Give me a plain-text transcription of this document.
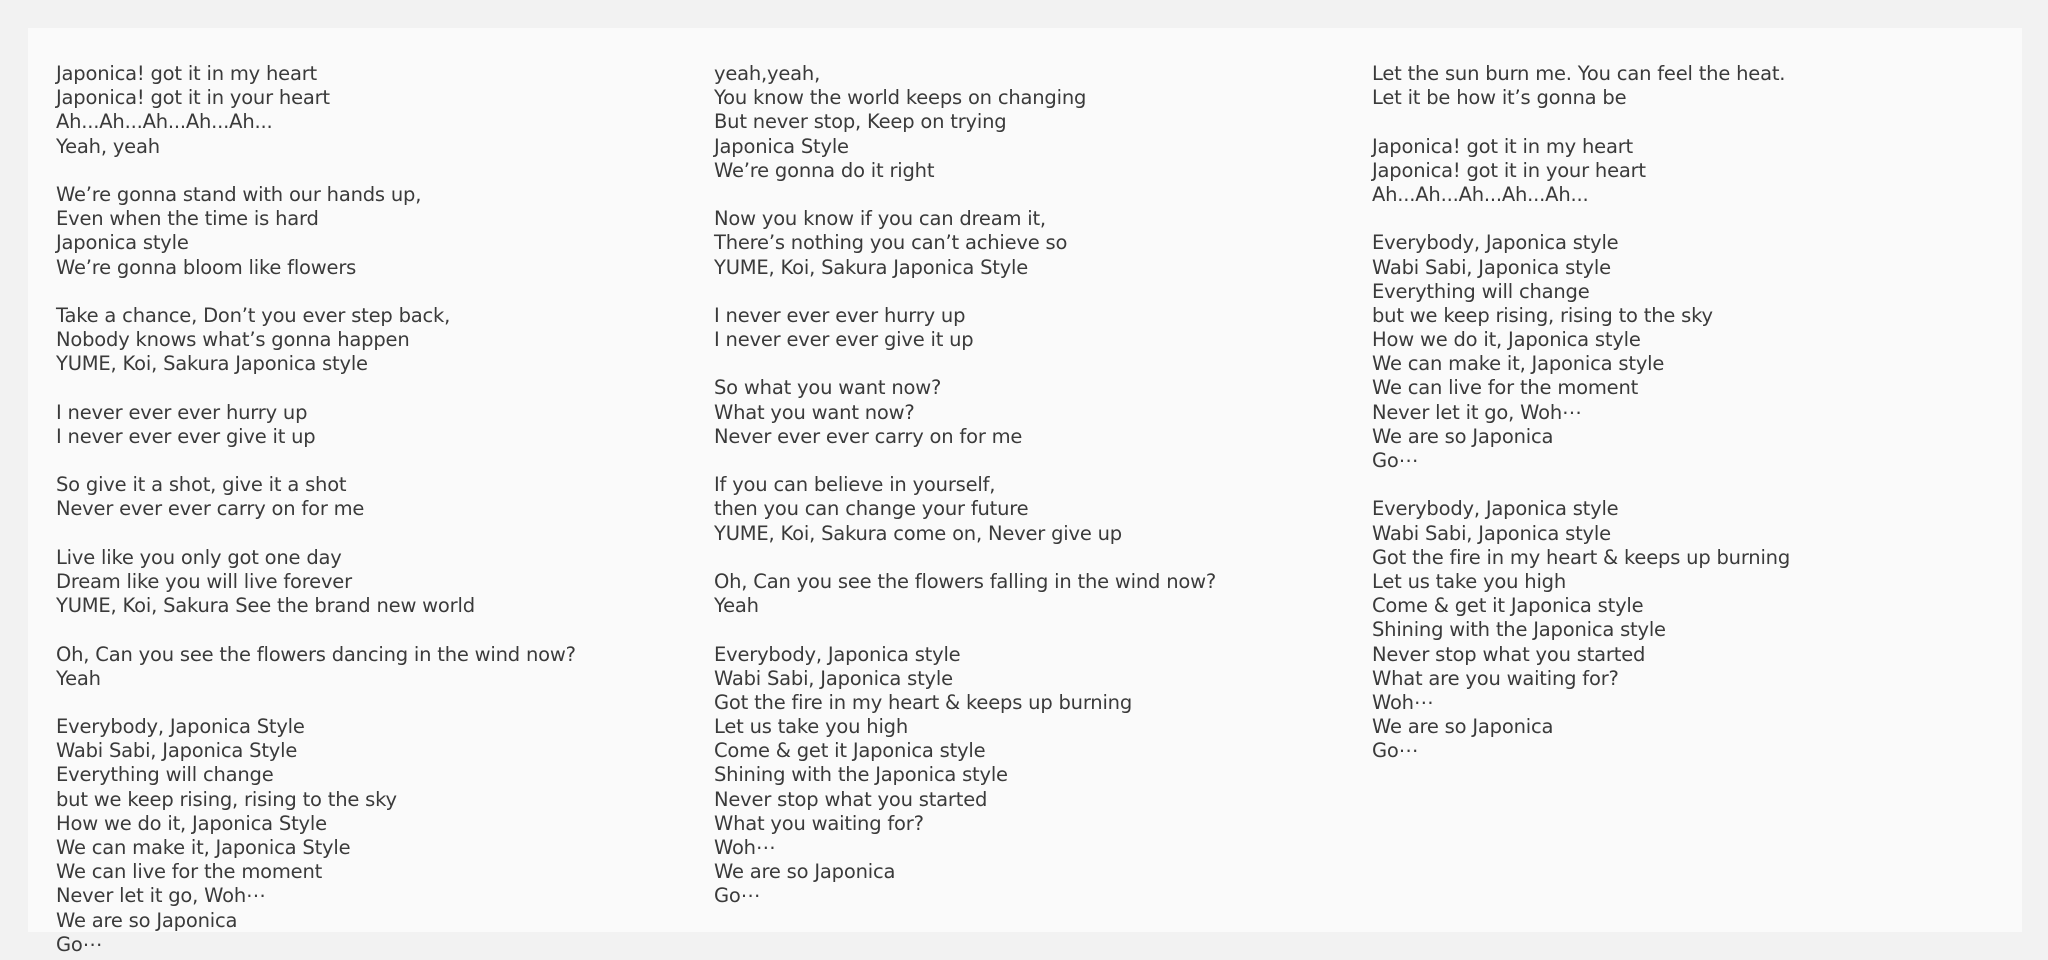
Japonica! got it in my heart
Japonica! got it in your heart
Ah...Ah...Ah...Ah...Ah...
Yeah, yeah
We’re gonna stand with our hands up,
Even when the time is hard
Japonica style
We’re gonna bloom like flowers
Take a chance, Don’t you ever step back,
Nobody knows what’s gonna happen
YUME, Koi, Sakura Japonica style
I never ever ever hurry up
I never ever ever give it up
So give it a shot, give it a shot
Never ever ever carry on for me
Live like you only got one day
Dream like you will live forever
YUME, Koi, Sakura See the brand new world
Oh, Can you see the flowers dancing in the wind now?
Yeah
Everybody, Japonica Style
Wabi Sabi, Japonica Style
Everything will change
but we keep rising, rising to the sky
How we do it, Japonica Style
We can make it, Japonica Style
We can live for the moment
Never let it go, Woh⋯
We are so Japonica
Go⋯
yeah,yeah,
You know the world keeps on changing
But never stop, Keep on trying
Japonica Style
We’re gonna do it right
Now you know if you can dream it,
There’s nothing you can’t achieve so
YUME, Koi, Sakura Japonica Style
I never ever ever hurry up
I never ever ever give it up
So what you want now?
What you want now?
Never ever ever carry on for me
If you can believe in yourself,
then you can change your future
YUME, Koi, Sakura come on, Never give up
Oh, Can you see the flowers falling in the wind now?
Yeah
Everybody, Japonica style
Wabi Sabi, Japonica style
Got the fire in my heart & keeps up burning
Let us take you high
Come & get it Japonica style
Shining with the Japonica style
Never stop what you started
What you waiting for?
Woh⋯
We are so Japonica
Go⋯
Let the sun burn me. You can feel the heat.
Let it be how it’s gonna be
Japonica! got it in my heart
Japonica! got it in your heart
Ah...Ah...Ah...Ah...Ah...
Everybody, Japonica style
Wabi Sabi, Japonica style
Everything will change
but we keep rising, rising to the sky
How we do it, Japonica style
We can make it, Japonica style
We can live for the moment
Never let it go, Woh⋯
We are so Japonica
Go⋯
Everybody, Japonica style
Wabi Sabi, Japonica style
Got the fire in my heart & keeps up burning
Let us take you high
Come & get it Japonica style
Shining with the Japonica style
Never stop what you started
What are you waiting for?
Woh⋯
We are so Japonica
Go⋯
